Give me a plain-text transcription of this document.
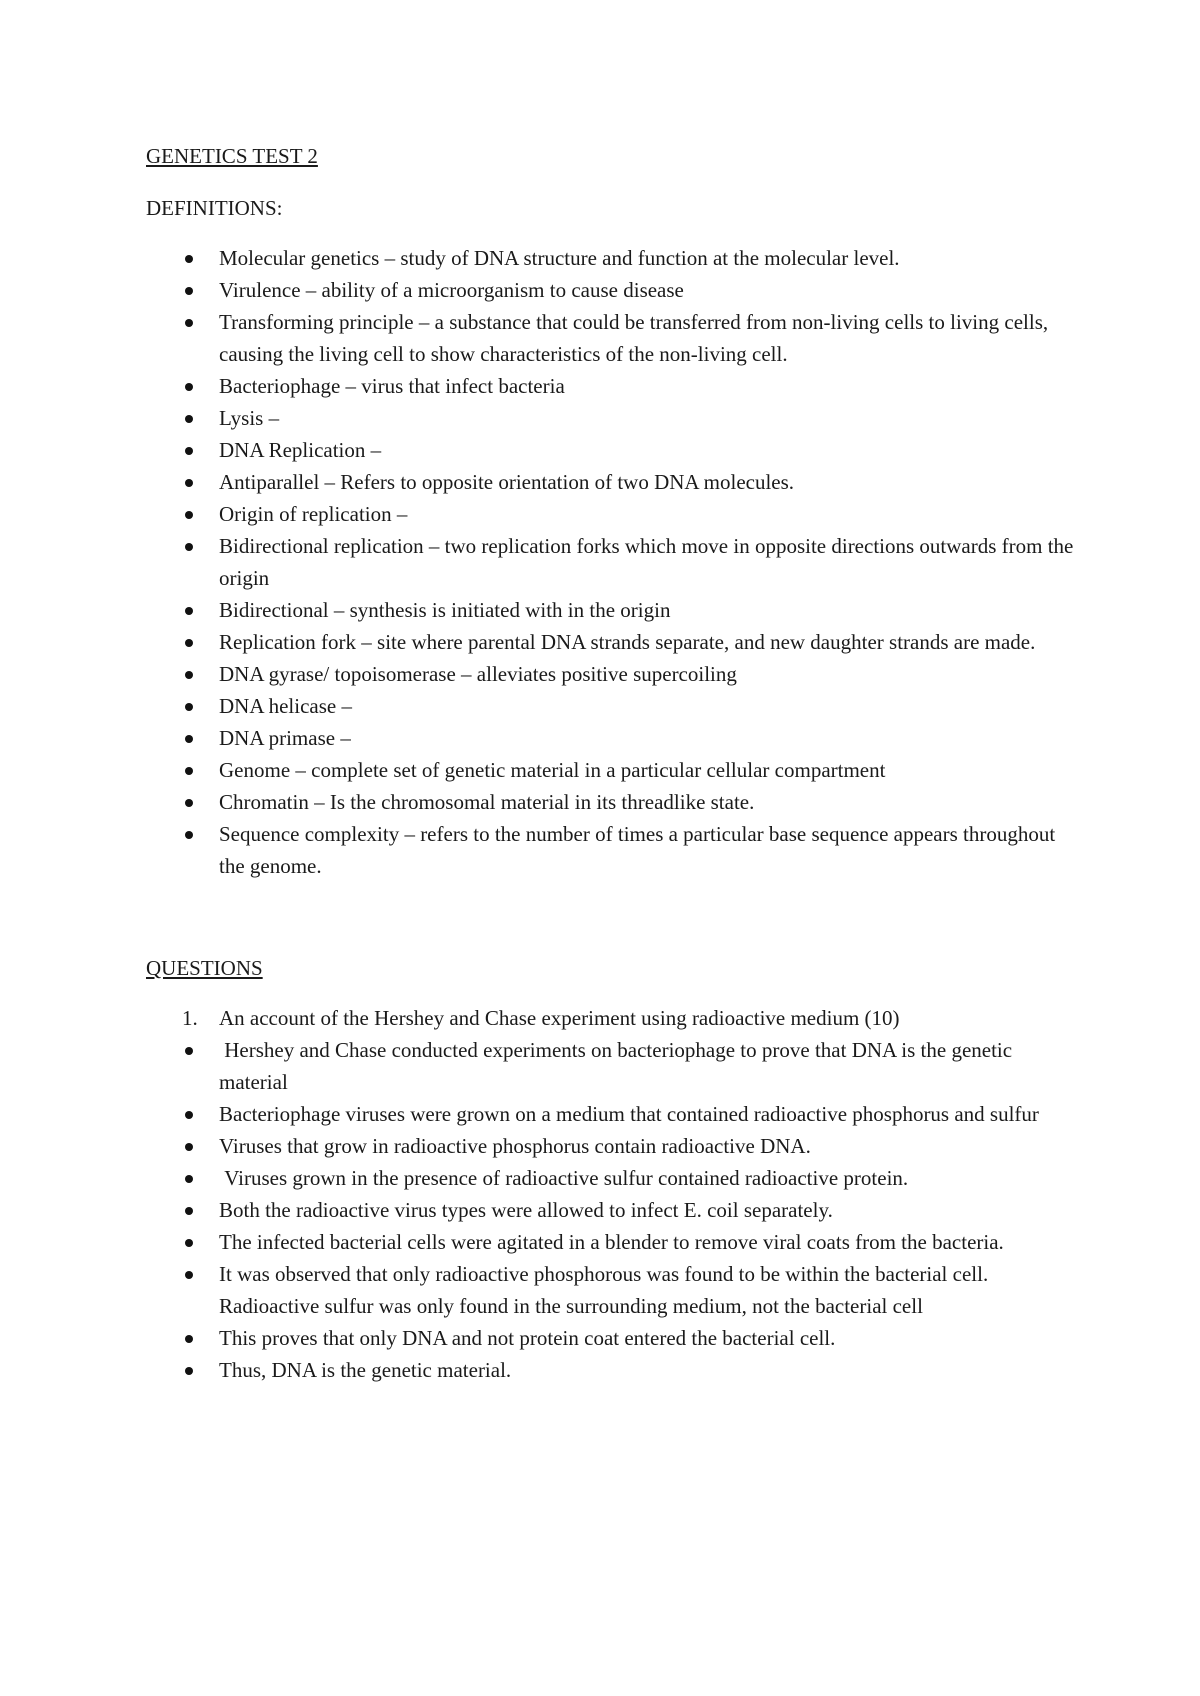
GENETICS TEST 2
DEFINITIONS:
Molecular genetics – study of DNA structure and function at the molecular level.
Virulence – ability of a microorganism to cause disease
Transforming principle – a substance that could be transferred from non-living cells to living cells, causing the living cell to show characteristics of the non-living cell.
Bacteriophage – virus that infect bacteria
Lysis –
DNA Replication –
Antiparallel – Refers to opposite orientation of two DNA molecules.
Origin of replication –
Bidirectional replication – two replication forks which move in opposite directions outwards from the origin
Bidirectional – synthesis is initiated with in the origin
Replication fork – site where parental DNA strands separate, and new daughter strands are made.
DNA gyrase/ topoisomerase – alleviates positive supercoiling
DNA helicase –
DNA primase –
Genome – complete set of genetic material in a particular cellular compartment
Chromatin – Is the chromosomal material in its threadlike state.
Sequence complexity – refers to the number of times a particular base sequence appears throughout the genome.
QUESTIONS
1. An account of the Hershey and Chase experiment using radioactive medium (10)
Hershey and Chase conducted experiments on bacteriophage to prove that DNA is the genetic material
Bacteriophage viruses were grown on a medium that contained radioactive phosphorus and sulfur
Viruses that grow in radioactive phosphorus contain radioactive DNA.
Viruses grown in the presence of radioactive sulfur contained radioactive protein.
Both the radioactive virus types were allowed to infect E. coil separately.
The infected bacterial cells were agitated in a blender to remove viral coats from the bacteria.
It was observed that only radioactive phosphorous was found to be within the bacterial cell. Radioactive sulfur was only found in the surrounding medium, not the bacterial cell
This proves that only DNA and not protein coat entered the bacterial cell.
Thus, DNA is the genetic material.
